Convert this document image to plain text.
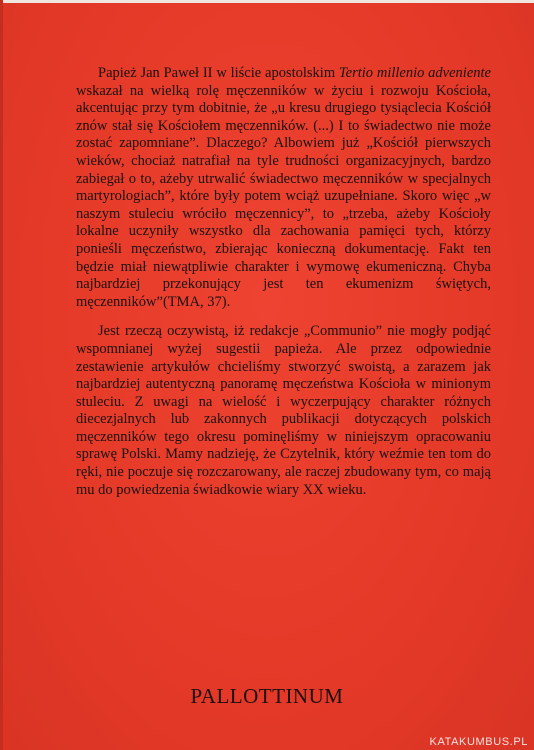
Papież Jan Paweł II w liście apostolskim Tertio millenio adveniente wskazał na wielką rolę męczenników w życiu i rozwoju Kościoła, akcentując przy tym dobitnie, że „u kresu drugiego tysiąclecia Kościół znów stał się Kościołem męczenników. (...) I to świadectwo nie może zostać zapomniane”. Dlaczego? Albowiem już „Kościół pierwszych wieków, chociaż natrafiał na tyle trudności organizacyjnych, bardzo zabiegał o to, ażeby utrwalić świadectwo męczenników w specjalnych martyrologiach”, które były potem wciąż uzupełniane. Skoro więc „w naszym stuleciu wróciło męczennicy”, to „trzeba, ażeby Kościoły lokalne uczyniły wszystko dla zachowania pamięci tych, którzy ponieśli męczeństwo, zbierając konieczną dokumentację. Fakt ten będzie miał niewątpliwie charakter i wymowę ekumeniczną. Chyba najbardziej przekonujący jest ten ekumenizm świętych, męczenników”(TMA, 37).

Jest rzeczą oczywistą, iż redakcje „Communio” nie mogły podjąć wspomnianej wyżej sugestii papieża. Ale przez odpowiednie zestawienie artykułów chcieliśmy stworzyć swoistą, a zarazem jak najbardziej autentyczną panoramę męczeństwa Kościoła w minionym stuleciu. Z uwagi na wielość i wyczerpujący charakter różnych diecezjalnych lub zakonnych publikacji dotyczących polskich męczenników tego okresu pominęliśmy w niniejszym opracowaniu sprawę Polski. Mamy nadzieję, że Czytelnik, który weźmie ten tom do ręki, nie poczuje się rozczarowany, ale raczej zbudowany tym, co mają mu do powiedzenia świadkowie wiary XX wieku.

PALLOTTINUM
KATAKUMBUS.PL
